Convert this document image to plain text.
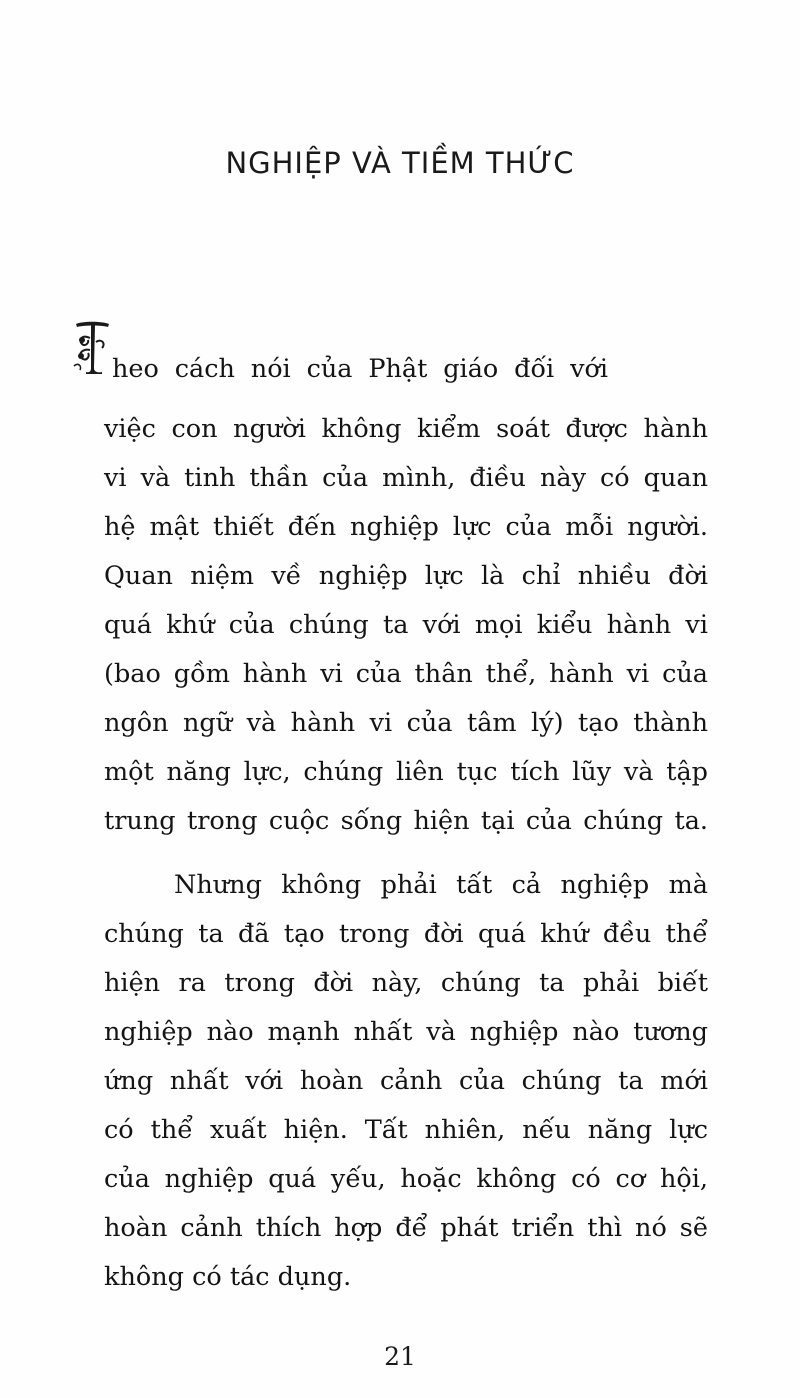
NGHIỆP VÀ TIỀM THỨC
heo cách nói của Phật giáo đối với
việc con người không kiểm soát được hành
vi và tinh thần của mình, điều này có quan
hệ mật thiết đến nghiệp lực của mỗi người.
Quan niệm về nghiệp lực là chỉ nhiều đời
quá khứ của chúng ta với mọi kiểu hành vi
(bao gồm hành vi của thân thể, hành vi của
ngôn ngữ và hành vi của tâm lý) tạo thành
một năng lực, chúng liên tục tích lũy và tập
trung trong cuộc sống hiện tại của chúng ta.
Nhưng không phải tất cả nghiệp mà
chúng ta đã tạo trong đời quá khứ đều thể
hiện ra trong đời này, chúng ta phải biết
nghiệp nào mạnh nhất và nghiệp nào tương
ứng nhất với hoàn cảnh của chúng ta mới
có thể xuất hiện. Tất nhiên, nếu năng lực
của nghiệp quá yếu, hoặc không có cơ hội,
hoàn cảnh thích hợp để phát triển thì nó sẽ
không có tác dụng.
21
